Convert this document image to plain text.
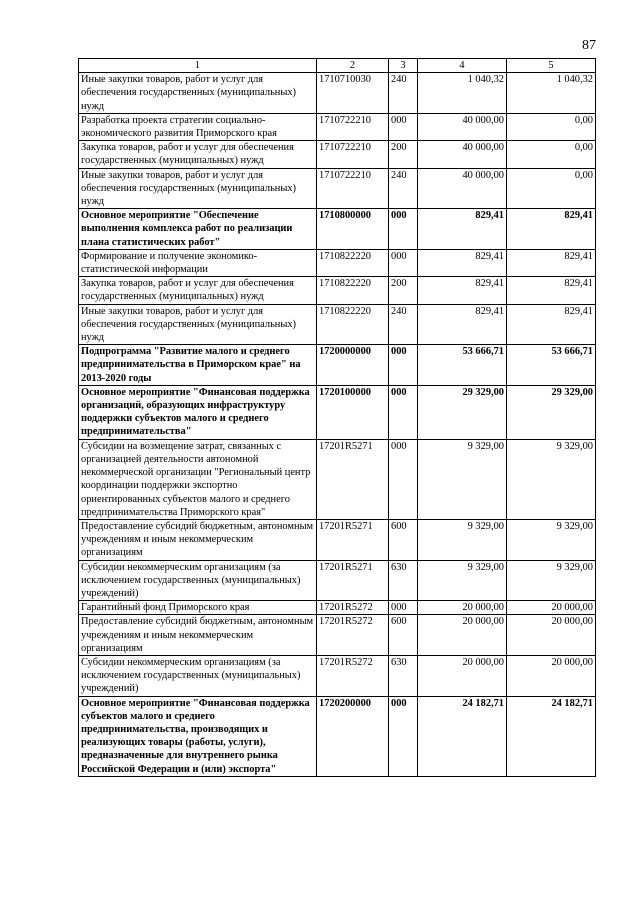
87
1	2	3	4	5
Иные закупки товаров, работ и услуг для обеспечения государственных (муниципальных) нужд	1710710030	240	1 040,32	1 040,32
Разработка проекта стратегии социально-экономического развития Приморского края	1710722210	000	40 000,00	0,00
Закупка товаров, работ и услуг для обеспечения государственных (муниципальных) нужд	1710722210	200	40 000,00	0,00
Иные закупки товаров, работ и услуг для обеспечения государственных (муниципальных) нужд	1710722210	240	40 000,00	0,00
Основное мероприятие "Обеспечение выполнения комплекса работ по реализации плана статистических работ"	1710800000	000	829,41	829,41
Формирование и получение экономико-статистической информации	1710822220	000	829,41	829,41
Закупка товаров, работ и услуг для обеспечения государственных (муниципальных) нужд	1710822220	200	829,41	829,41
Иные закупки товаров, работ и услуг для обеспечения государственных (муниципальных) нужд	1710822220	240	829,41	829,41
Подпрограмма "Развитие малого и среднего предпринимательства в Приморском крае" на 2013-2020 годы	1720000000	000	53 666,71	53 666,71
Основное мероприятие "Финансовая поддержка организаций, образующих инфраструктуру поддержки субъектов малого и среднего предпринимательства"	1720100000	000	29 329,00	29 329,00
Субсидии на возмещение затрат, связанных с организацией деятельности автономной некоммерческой организации "Региональный центр координации поддержки экспортно ориентированных субъектов малого и среднего предпринимательства Приморского края"	17201R5271	000	9 329,00	9 329,00
Предоставление субсидий бюджетным, автономным учреждениям и иным некоммерческим организациям	17201R5271	600	9 329,00	9 329,00
Субсидии некоммерческим организациям (за исключением государственных (муниципальных) учреждений)	17201R5271	630	9 329,00	9 329,00
Гарантийный фонд Приморского края	17201R5272	000	20 000,00	20 000,00
Предоставление субсидий бюджетным, автономным учреждениям и иным некоммерческим организациям	17201R5272	600	20 000,00	20 000,00
Субсидии некоммерческим организациям (за исключением государственных (муниципальных) учреждений)	17201R5272	630	20 000,00	20 000,00
Основное мероприятие "Финансовая поддержка субъектов малого и среднего предпринимательства, производящих и реализующих товары (работы, услуги), предназначенные для внутреннего рынка Российской Федерации и (или) экспорта"	1720200000	000	24 182,71	24 182,71
